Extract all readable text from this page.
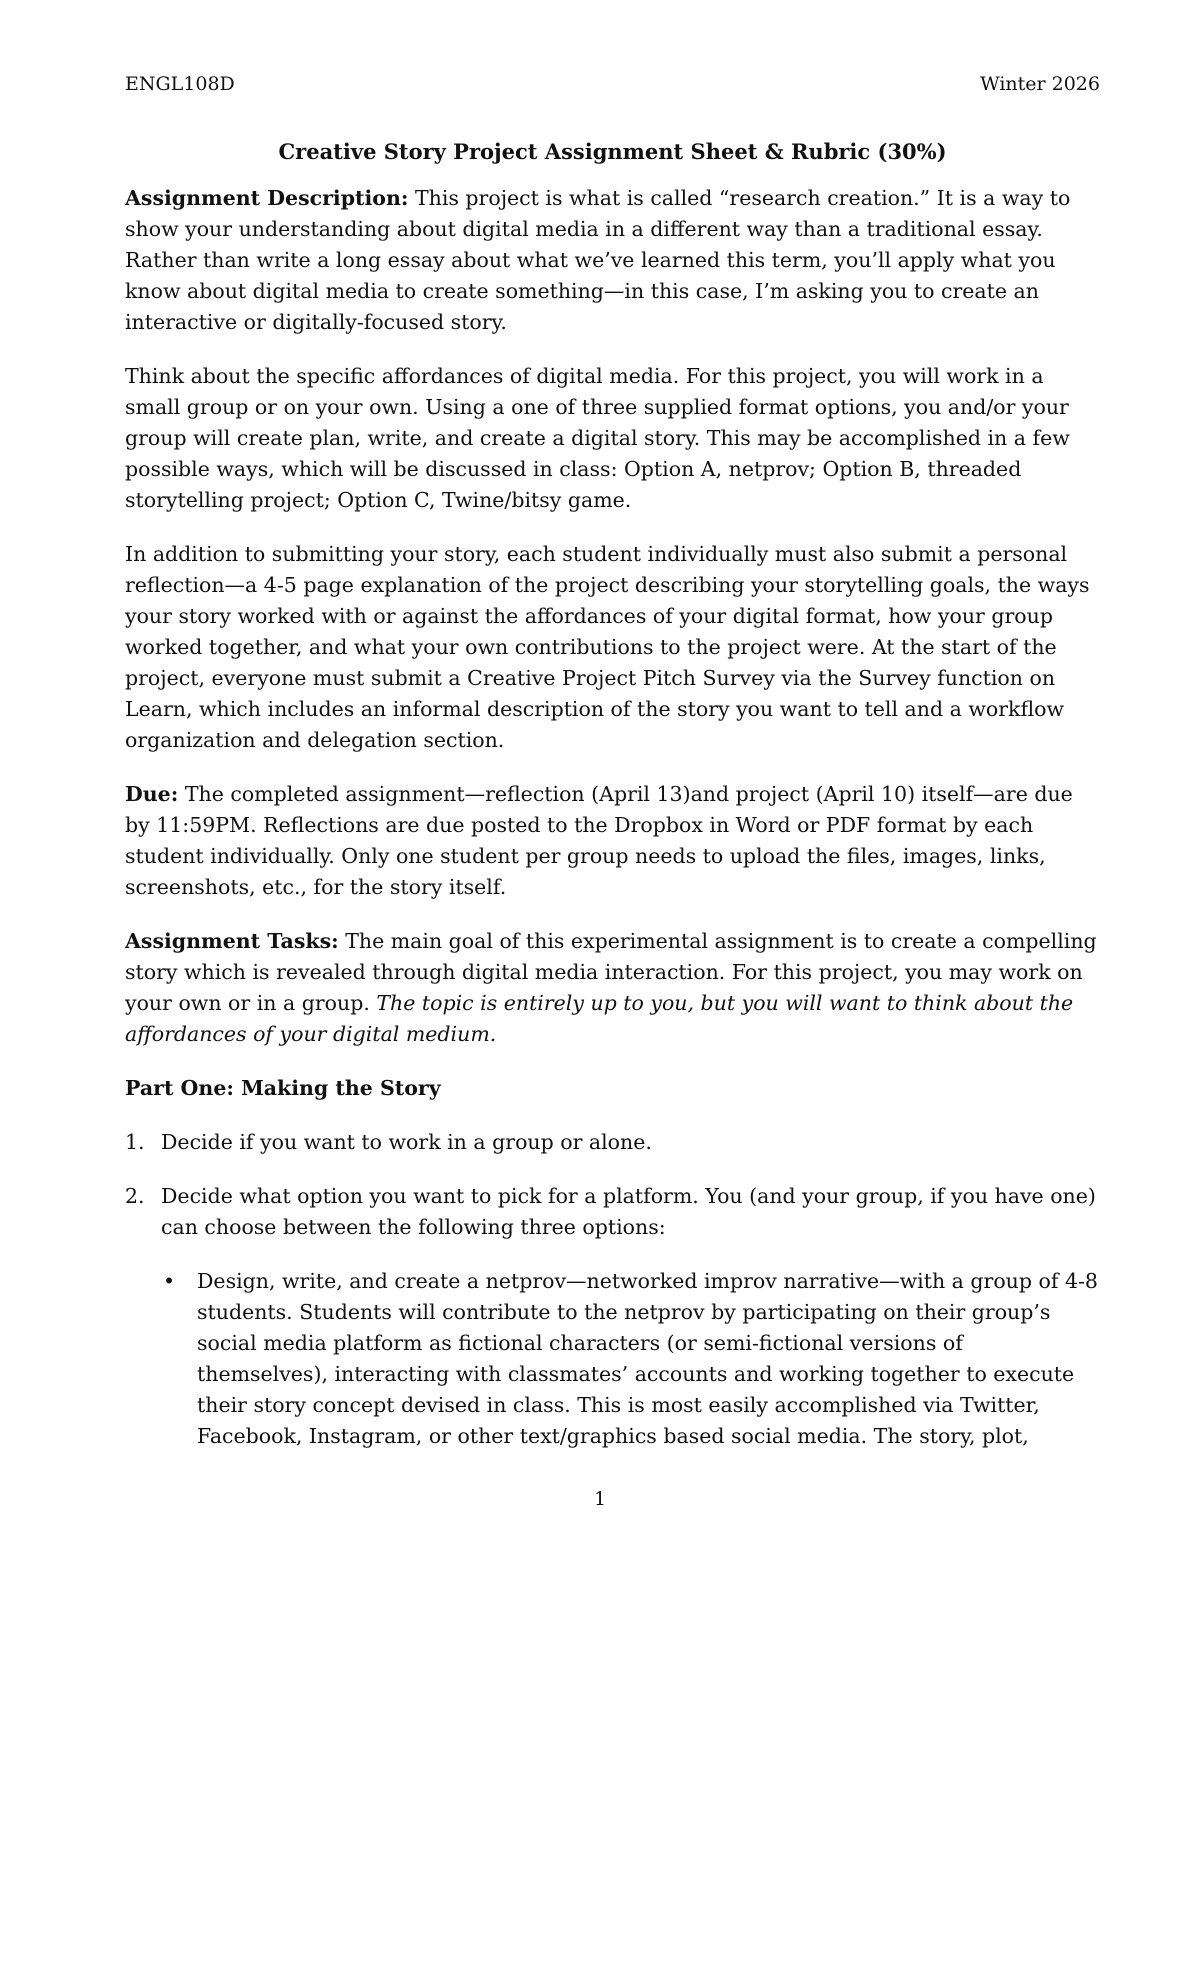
ENGL108D	Winter 2026
Creative Story Project Assignment Sheet & Rubric (30%)

Assignment Description: This project is what is called “research creation.” It is a way to show your understanding about digital media in a different way than a traditional essay. Rather than write a long essay about what we’ve learned this term, you’ll apply what you know about digital media to create something—in this case, I’m asking you to create an interactive or digitally-focused story.

Think about the specific affordances of digital media. For this project, you will work in a small group or on your own. Using a one of three supplied format options, you and/or your group will create plan, write, and create a digital story. This may be accomplished in a few possible ways, which will be discussed in class: Option A, netprov; Option B, threaded storytelling project; Option C, Twine/bitsy game.

In addition to submitting your story, each student individually must also submit a personal reflection—a 4-5 page explanation of the project describing your storytelling goals, the ways your story worked with or against the affordances of your digital format, how your group worked together, and what your own contributions to the project were. At the start of the project, everyone must submit a Creative Project Pitch Survey via the Survey function on Learn, which includes an informal description of the story you want to tell and a workflow organization and delegation section.

Due: The completed assignment—reflection (April 13)and project (April 10) itself—are due by 11:59PM. Reflections are due posted to the Dropbox in Word or PDF format by each student individually. Only one student per group needs to upload the files, images, links, screenshots, etc., for the story itself.

Assignment Tasks: The main goal of this experimental assignment is to create a compelling story which is revealed through digital media interaction. For this project, you may work on your own or in a group. The topic is entirely up to you, but you will want to think about the affordances of your digital medium.

Part One: Making the Story
1. Decide if you want to work in a group or alone.
2. Decide what option you want to pick for a platform. You (and your group, if you have one) can choose between the following three options:
• Design, write, and create a netprov—networked improv narrative—with a group of 4-8 students. Students will contribute to the netprov by participating on their group’s social media platform as fictional characters (or semi-fictional versions of themselves), interacting with classmates’ accounts and working together to execute their story concept devised in class. This is most easily accomplished via Twitter, Facebook, Instagram, or other text/graphics based social media. The story, plot,
1
